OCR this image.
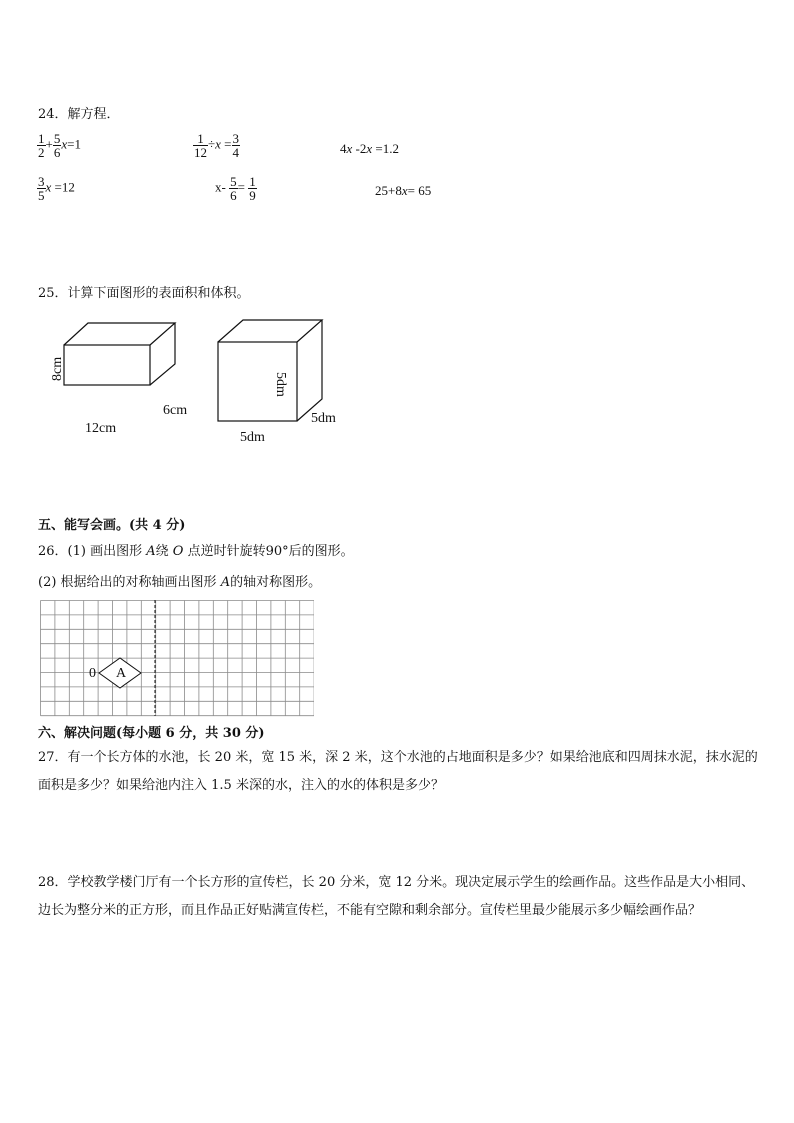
24．解方程．
$\frac{1}{2} + \frac{5}{6} x=1$	$\frac{1}{12} \div x = \frac{3}{4}$	4x -2x =1.2
$\frac{3}{5}$ x =12	$x- \frac{5}{6} = \frac{1}{9}$	25+8x= 65
25．计算下面图形的表面积和体积。
8cm
12cm
6cm
5dm
5dm
5dm
五、能写会画。(共 4 分)
26．(1) 画出图形 A绕 O 点逆时针旋转90°后的图形。
(2) 根据给出的对称轴画出图形 A的轴对称图形。
0 A
六、解决问题(每小题 6 分，共 30 分)
27．有一个长方体的水池，长 20 米，宽 15 米，深 2 米，这个水池的占地面积是多少？如果给池底和四周抹水泥，抹水泥的面积是多少？如果给池内注入 1.5 米深的水，注入的水的体积是多少？
28．学校教学楼门厅有一个长方形的宣传栏，长 20 分米，宽 12 分米。现决定展示学生的绘画作品。这些作品是大小相同、边长为整分米的正方形，而且作品正好贴满宣传栏，不能有空隙和剩余部分。宣传栏里最少能展示多少幅绘画作品？
